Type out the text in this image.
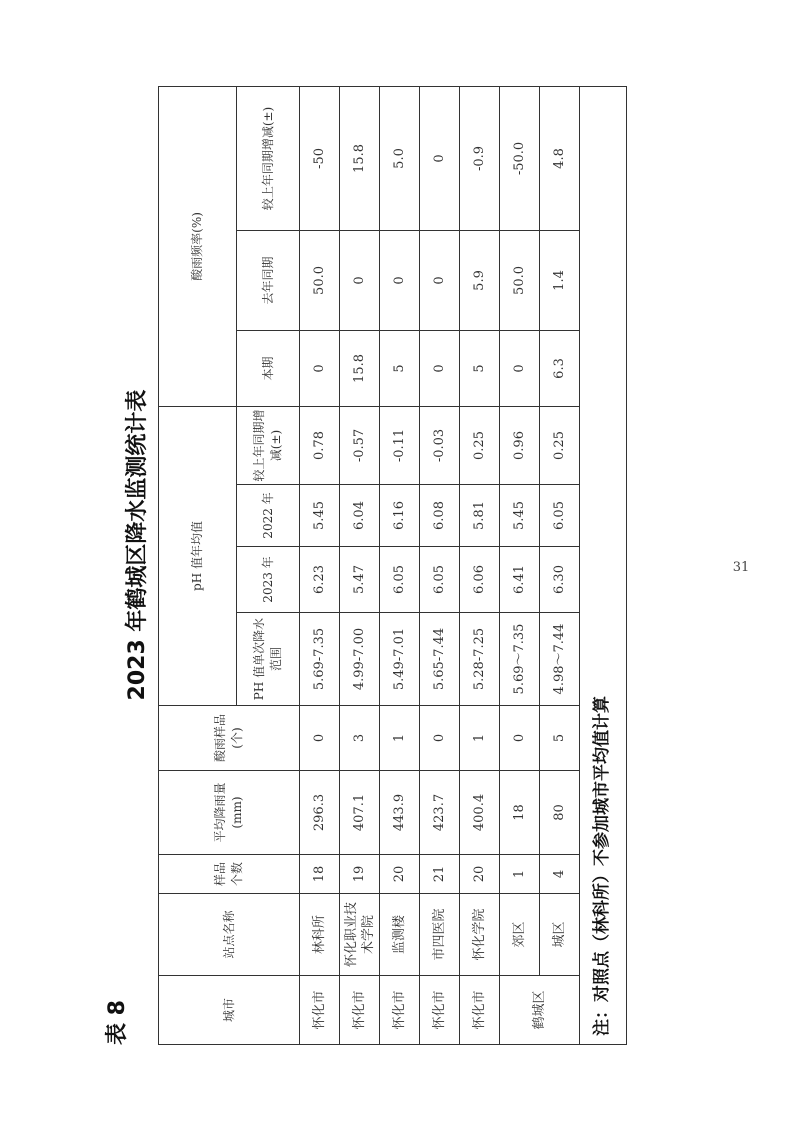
表 8
2023 年鹤城区降水监测统计表
城市	站点名称	样品个数	平均降雨量 (mm)	酸雨样品 (个)	pH 值年均值				酸雨频率(%)		
					PH 值单次降水范围	2023 年	2022 年	较上年同期增减(±)	本期	去年同期	较上年同期增减(±)
怀化市	林科所	18	296.3	0	5.69-7.35	6.23	5.45	0.78	0	50.0	-50
怀化市	怀化职业技术学院	19	407.1	3	4.99-7.00	5.47	6.04	-0.57	15.8	0	15.8
怀化市	监测楼	20	443.9	1	5.49-7.01	6.05	6.16	-0.11	5	0	5.0
怀化市	市四医院	21	423.7	0	5.65-7.44	6.05	6.08	-0.03	0	0	0
怀化市	怀化学院	20	400.4	1	5.28-7.25	6.06	5.81	0.25	5	5.9	-0.9
鹤城区	郊区	1	18	0	5.69～7.35	6.41	5.45	0.96	0	50.0	-50.0
	城区	4	80	5	4.98～7.44	6.30	6.05	0.25	6.3	1.4	4.8
注：对照点（林科所）不参加城市平均值计算											
31
